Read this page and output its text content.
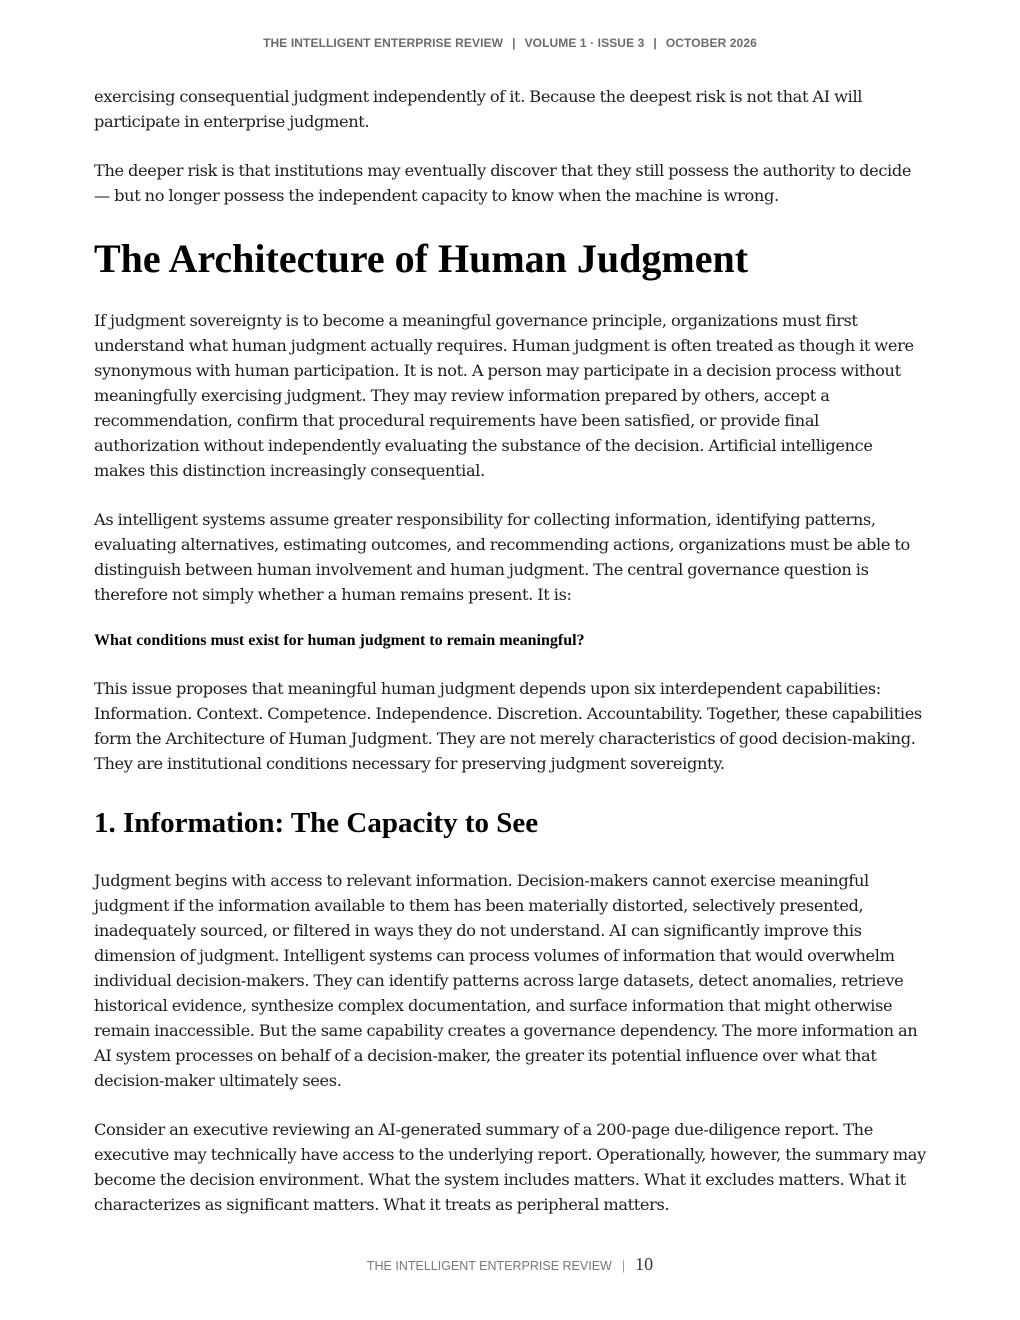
THE INTELLIGENT ENTERPRISE REVIEW | VOLUME 1 · ISSUE 3 | OCTOBER 2026

exercising consequential judgment independently of it. Because the deepest risk is not that AI will participate in enterprise judgment.

The deeper risk is that institutions may eventually discover that they still possess the authority to decide— but no longer possess the independent capacity to know when the machine is wrong.

The Architecture of Human Judgment

If judgment sovereignty is to become a meaningful governance principle, organizations must first understand what human judgment actually requires. Human judgment is often treated as though it were synonymous with human participation. It is not. A person may participate in a decision process without meaningfully exercising judgment. They may review information prepared by others, accept a recommendation, confirm that procedural requirements have been satisfied, or provide final authorization without independently evaluating the substance of the decision. Artificial intelligence makes this distinction increasingly consequential.

As intelligent systems assume greater responsibility for collecting information, identifying patterns, evaluating alternatives, estimating outcomes, and recommending actions, organizations must be able to distinguish between human involvement and human judgment. The central governance question is therefore not simply whether a human remains present. It is:

What conditions must exist for human judgment to remain meaningful?

This issue proposes that meaningful human judgment depends upon six interdependent capabilities: Information. Context. Competence. Independence. Discretion. Accountability. Together, these capabilities form the Architecture of Human Judgment. They are not merely characteristics of good decision-making. They are institutional conditions necessary for preserving judgment sovereignty.

1. Information: The Capacity to See

Judgment begins with access to relevant information. Decision-makers cannot exercise meaningful judgment if the information available to them has been materially distorted, selectively presented, inadequately sourced, or filtered in ways they do not understand. AI can significantly improve this dimension of judgment. Intelligent systems can process volumes of information that would overwhelm individual decision-makers. They can identify patterns across large datasets, detect anomalies, retrieve historical evidence, synthesize complex documentation, and surface information that might otherwise remain inaccessible. But the same capability creates a governance dependency. The more information an AI system processes on behalf of a decision-maker, the greater its potential influence over what that decision-maker ultimately sees.

Consider an executive reviewing an AI-generated summary of a 200-page due-diligence report. The executive may technically have access to the underlying report. Operationally, however, the summary may become the decision environment. What the system includes matters. What it excludes matters. What it characterizes as significant matters. What it treats as peripheral matters.

THE INTELLIGENT ENTERPRISE REVIEW | 10
